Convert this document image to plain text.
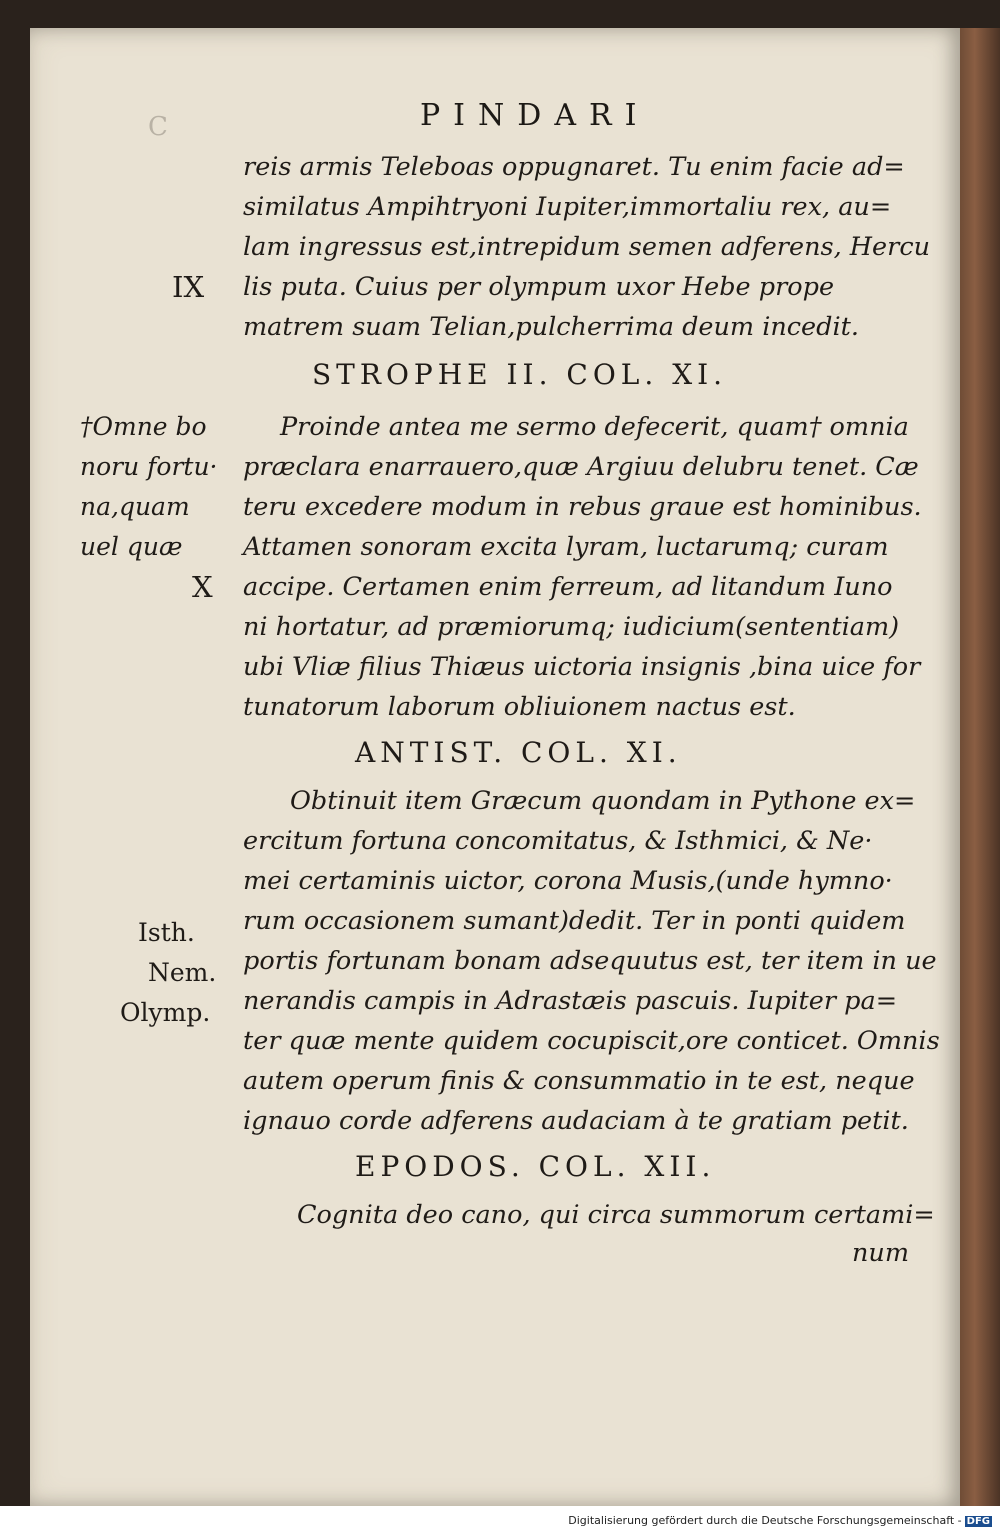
C	PINDARI
reis armis Teleboas oppugnaret. Tu enim facie ad=
similatus Ampihtryoni Iupiter,immortaliu rex, au=
lam ingressus est,intrepidum semen adferens, Hercu
lis puta. Cuius per olympum uxor Hebe prope
matrem suam Telian,pulcherrima deum incedit.
IX
STROPHE II. COL. XI.
Proinde antea me sermo defecerit, quam† omnia
præclara enarrauero,quæ Argiuu delubru tenet. Cæ
teru excedere modum in rebus graue est hominibus.
Attamen sonoram excita lyram, luctarumq; curam
accipe. Certamen enim ferreum, ad litandum Iuno
ni hortatur, ad præmiorumq; iudicium(sententiam)
ubi Vliæ filius Thiæus uictoria insignis ,bina uice for
tunatorum laborum obliuionem nactus est.
†Omne bo
noru fortu·
na,quam
uel quæ
X
ANTIST. COL. XI.
Obtinuit item Græcum quondam in Pythone ex=
ercitum fortuna concomitatus, & Isthmici, & Ne·
mei certaminis uictor, corona Musis,(unde hymno·
rum occasionem sumant)dedit. Ter in ponti quidem
portis fortunam bonam adsequutus est, ter item in ue
nerandis campis in Adrastæis pascuis. Iupiter pa=
ter quæ mente quidem cocupiscit,ore conticet. Omnis
autem operum finis & consummatio in te est, neque
ignauo corde adferens audaciam à te gratiam petit.
Isth.
Nem.
Olymp.
EPODOS. COL. XII.
Cognita deo cano, qui circa summorum certami=
num
Digitalisierung gefördert durch die Deutsche Forschungsgemeinschaft - DFG
